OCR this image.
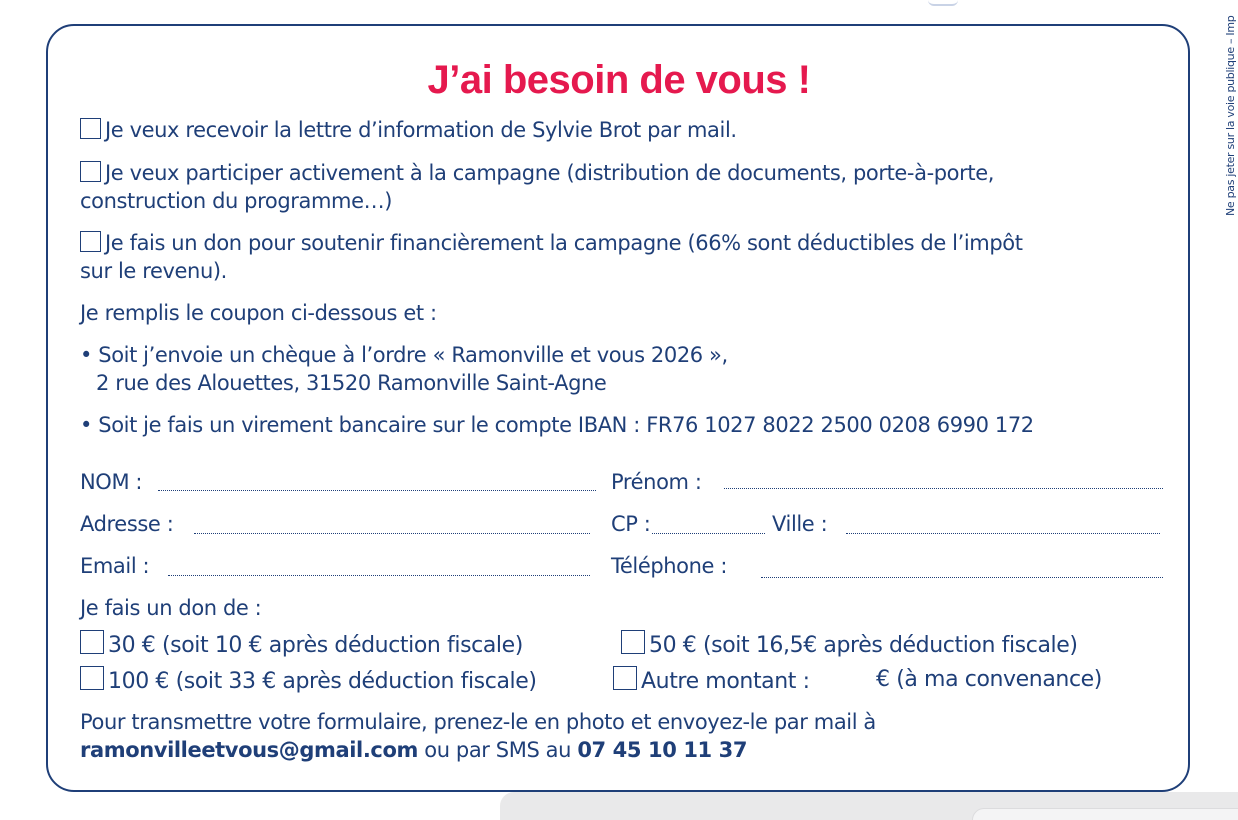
Ne pas jeter sur la voie publique – Imp
J’ai besoin de vous !
Je veux recevoir la lettre d’information de Sylvie Brot par mail.
Je veux participer activement à la campagne (distribution de documents, porte-à-porte,
construction du programme…)
Je fais un don pour soutenir financièrement la campagne (66% sont déductibles de l’impôt
sur le revenu).
Je remplis le coupon ci-dessous et :
• Soit j’envoie un chèque à l’ordre « Ramonville et vous 2026 »,
2 rue des Alouettes, 31520 Ramonville Saint-Agne
• Soit je fais un virement bancaire sur le compte IBAN : FR76 1027 8022 2500 0208 6990 172
NOM :	Prénom :
Adresse :	CP :	Ville :
Email :	Téléphone :
Je fais un don de :
30 € (soit 10 € après déduction fiscale)	50 € (soit 16,5€ après déduction fiscale)
100 € (soit 33 € après déduction fiscale)	Autre montant :	€ (à ma convenance)
Pour transmettre votre formulaire, prenez-le en photo et envoyez-le par mail à
ramonvilleetvous@gmail.com ou par SMS au 07 45 10 11 37
